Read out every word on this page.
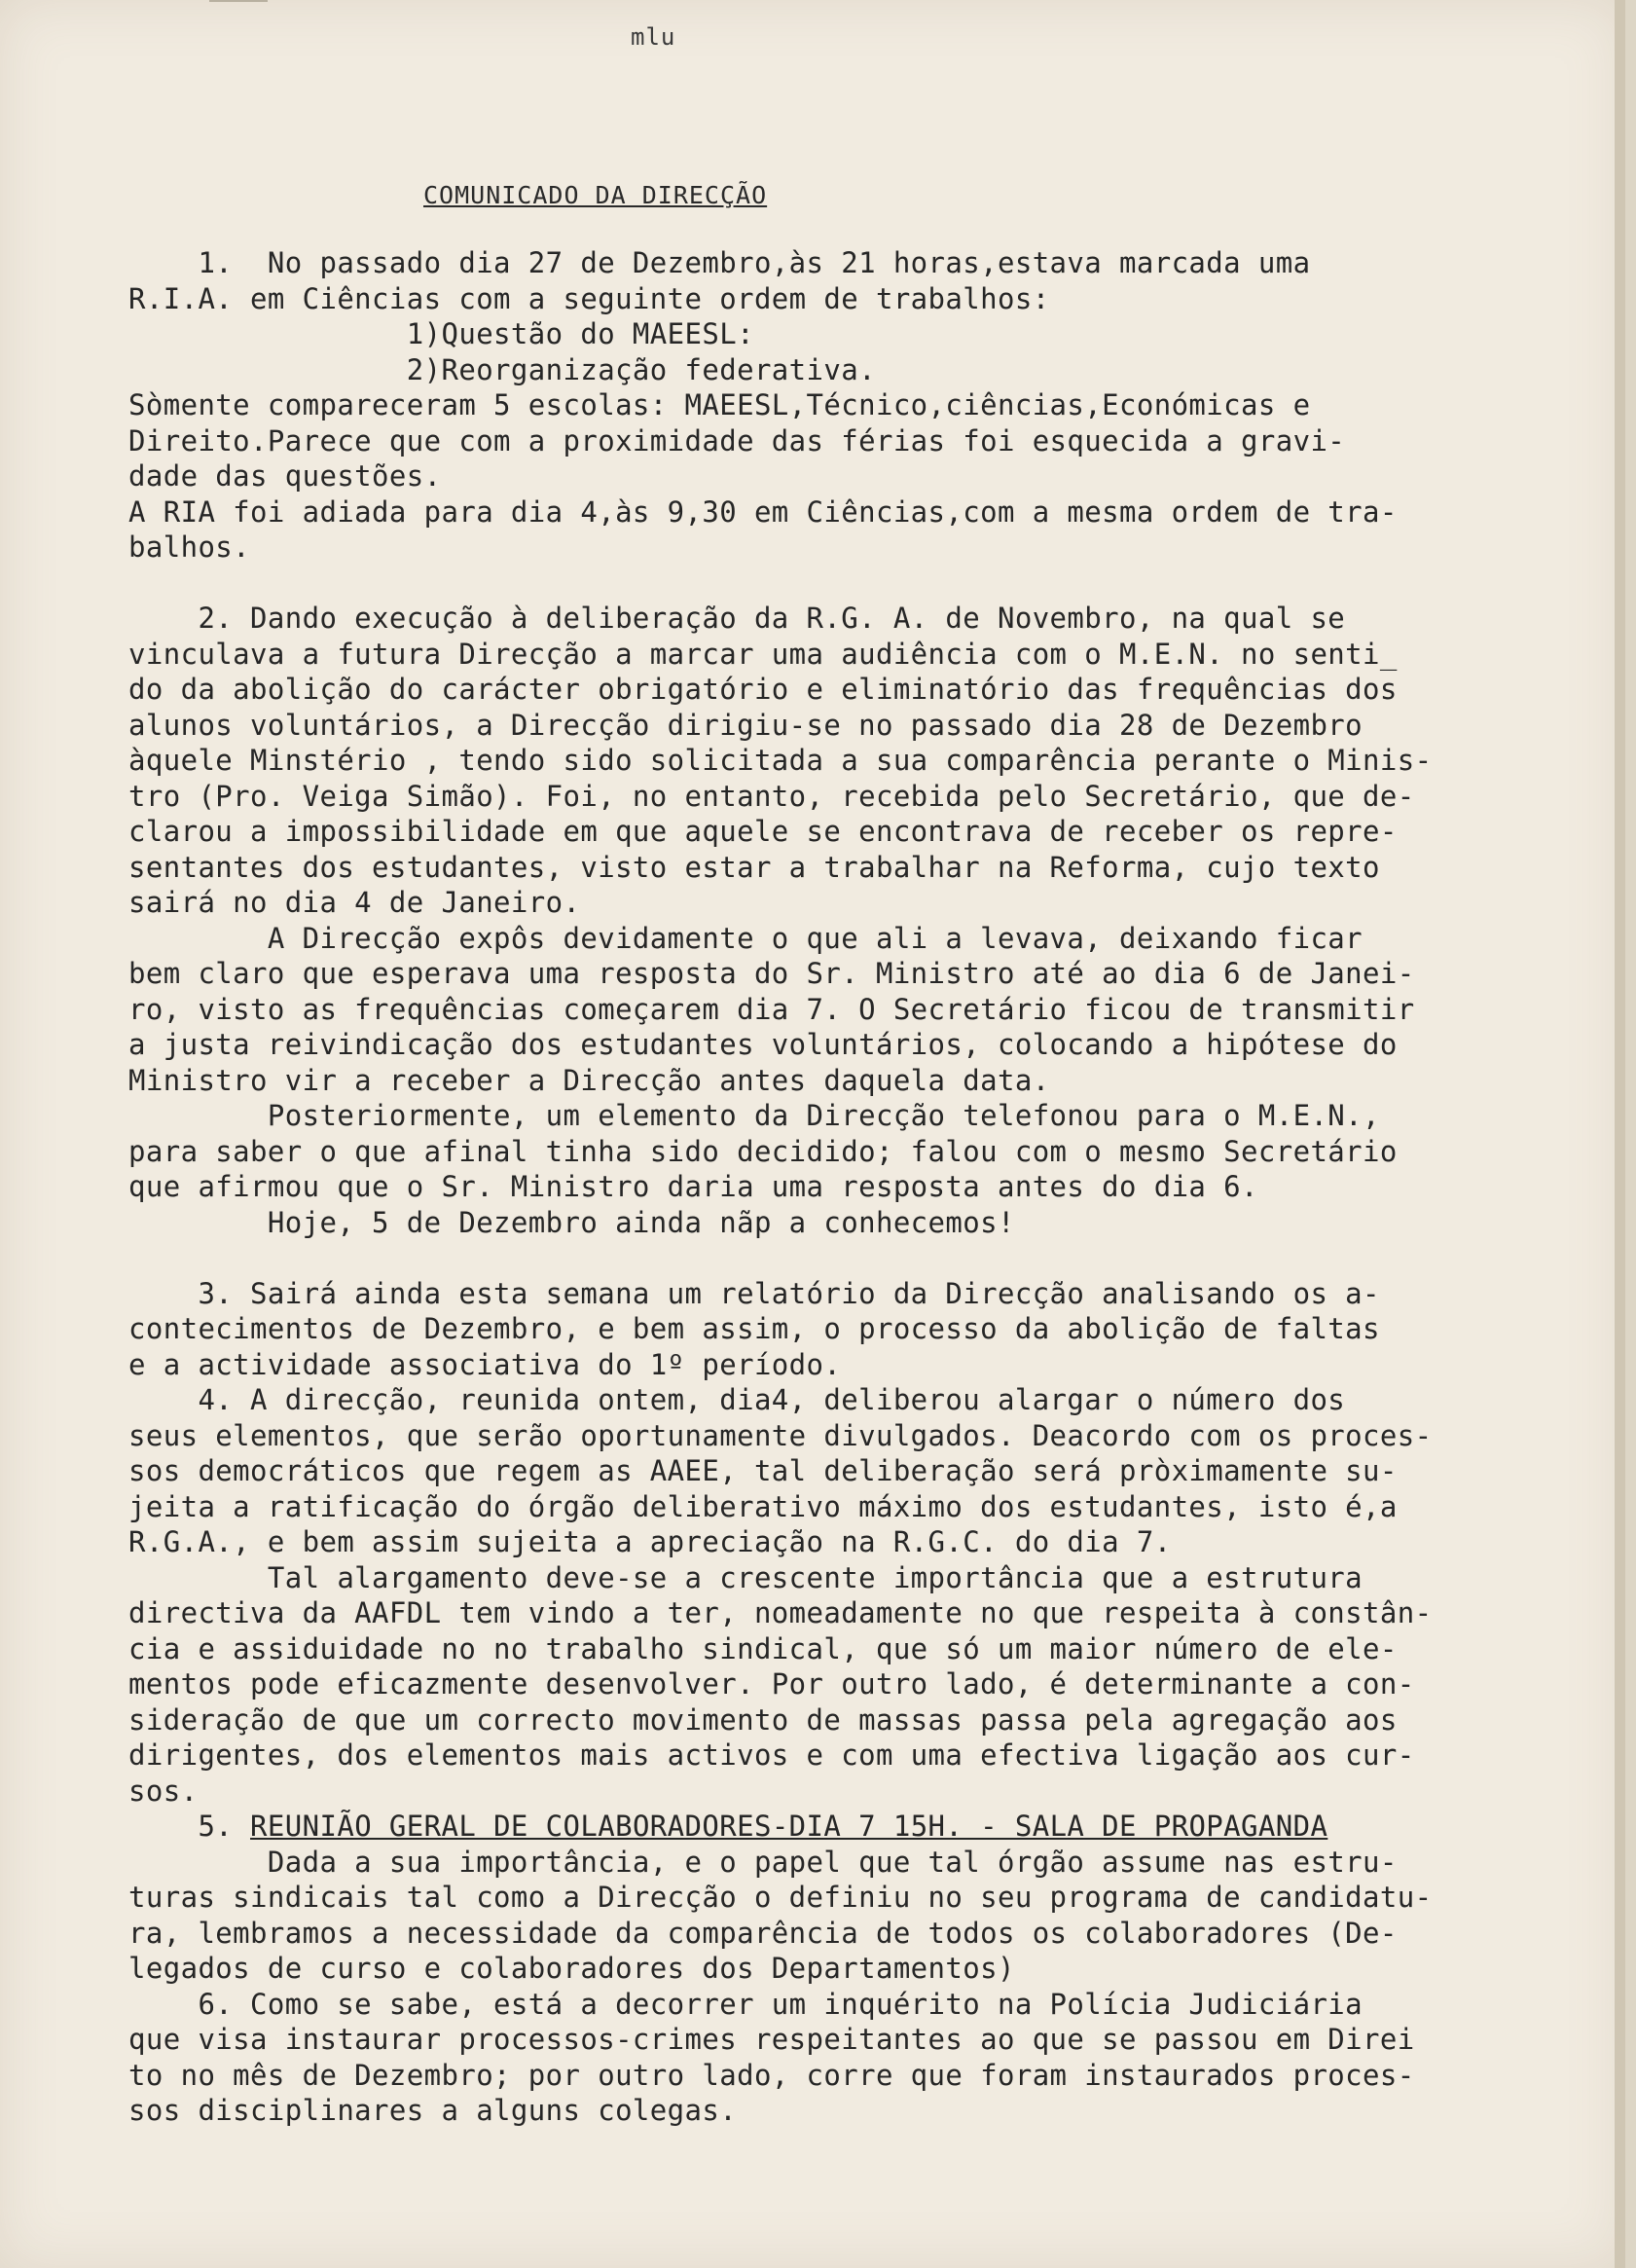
mlu
COMUNICADO DA DIRECÇÃO
1.  No passado dia 27 de Dezembro,às 21 horas,estava marcada uma
R.I.A. em Ciências com a seguinte ordem de trabalhos:
1)Questão do MAEESL:
2)Reorganização federativa.
Sòmente compareceram 5 escolas: MAEESL,Técnico,ciências,Económicas e
Direito.Parece que com a proximidade das férias foi esquecida a gravi-
dade das questões.
A RIA foi adiada para dia 4,às 9,30 em Ciências,com a mesma ordem de tra-
balhos.
2. Dando execução à deliberação da R.G. A. de Novembro, na qual se
vinculava a futura Direcção a marcar uma audiência com o M.E.N. no senti_
do da abolição do carácter obrigatório e eliminatório das frequências dos
alunos voluntários, a Direcção dirigiu-se no passado dia 28 de Dezembro
àquele Minstério , tendo sido solicitada a sua comparência perante o Minis-
tro (Pro. Veiga Simão). Foi, no entanto, recebida pelo Secretário, que de-
clarou a impossibilidade em que aquele se encontrava de receber os repre-
sentantes dos estudantes, visto estar a trabalhar na Reforma, cujo texto
sairá no dia 4 de Janeiro.
A Direcção expôs devidamente o que ali a levava, deixando ficar
bem claro que esperava uma resposta do Sr. Ministro até ao dia 6 de Janei-
ro, visto as frequências começarem dia 7. O Secretário ficou de transmitir
a justa reivindicação dos estudantes voluntários, colocando a hipótese do
Ministro vir a receber a Direcção antes daquela data.
Posteriormente, um elemento da Direcção telefonou para o M.E.N.,
para saber o que afinal tinha sido decidido; falou com o mesmo Secretário
que afirmou que o Sr. Ministro daria uma resposta antes do dia 6.
Hoje, 5 de Dezembro ainda nãp a conhecemos!
3. Sairá ainda esta semana um relatório da Direcção analisando os a-
contecimentos de Dezembro, e bem assim, o processo da abolição de faltas
e a actividade associativa do 1º período.
4. A direcção, reunida ontem, dia4, deliberou alargar o número dos
seus elementos, que serão oportunamente divulgados. Deacordo com os proces-
sos democráticos que regem as AAEE, tal deliberação será pròximamente su-
jeita a ratificação do órgão deliberativo máximo dos estudantes, isto é,a
R.G.A., e bem assim sujeita a apreciação na R.G.C. do dia 7.
Tal alargamento deve-se a crescente importância que a estrutura
directiva da AAFDL tem vindo a ter, nomeadamente no que respeita à constân-
cia e assiduidade no no trabalho sindical, que só um maior número de ele-
mentos pode eficazmente desenvolver. Por outro lado, é determinante a con-
sideração de que um correcto movimento de massas passa pela agregação aos
dirigentes, dos elementos mais activos e com uma efectiva ligação aos cur-
sos.
5. REUNIÃO GERAL DE COLABORADORES-DIA 7 15H. - SALA DE PROPAGANDA
Dada a sua importância, e o papel que tal órgão assume nas estru-
turas sindicais tal como a Direcção o definiu no seu programa de candidatu-
ra, lembramos a necessidade da comparência de todos os colaboradores (De-
legados de curso e colaboradores dos Departamentos)
6. Como se sabe, está a decorrer um inquérito na Polícia Judiciária
que visa instaurar processos-crimes respeitantes ao que se passou em Direi
to no mês de Dezembro; por outro lado, corre que foram instaurados proces-
sos disciplinares a alguns colegas.
